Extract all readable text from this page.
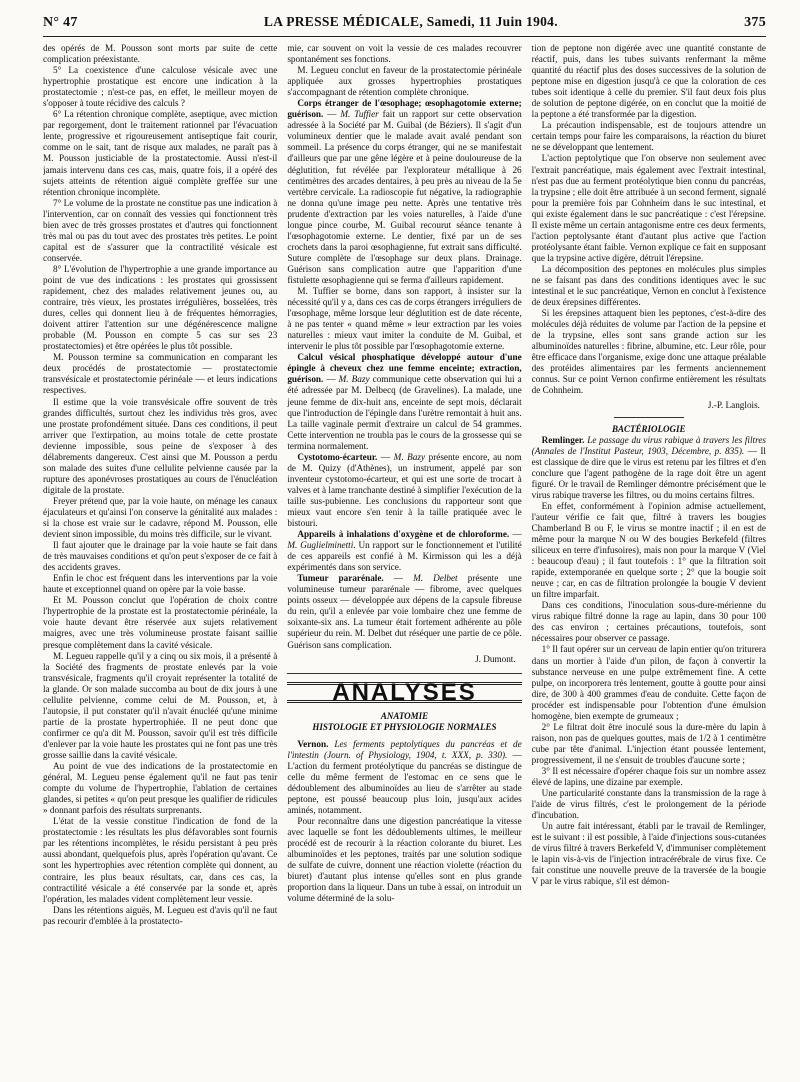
N° 47	LA PRESSE MÉDICALE, Samedi, 11 Juin 1904.	375

des opérés de M. Pousson sont morts par suite de cette complication préexistante.

5° La coexistence d'une calculose vésicale avec une hypertrophie prostatique est encore une indication à la prostatectomie ; n'est-ce pas, en effet, le meilleur moyen de s'opposer à toute récidive des calculs ?

6° La rétention chronique complète, aseptique, avec miction par regorgement, dont le traitement rationnel par l'évacuation lente, progressive et rigoureusement antiseptique fait courir, comme on le sait, tant de risque aux malades, ne paraît pas à M. Pousson justiciable de la prostatectomie. Aussi n'est-il jamais intervenu dans ces cas, mais, quatre fois, il a opéré des sujets atteints de rétention aiguë complète greffée sur une rétention chronique incomplète.

7° Le volume de la prostate ne constitue pas une indication à l'intervention, car on connaît des vessies qui fonctionnent très bien avec de très grosses prostates et d'autres qui fonctionnent très mal ou pas du tout avec des prostates très petites. Le point capital est de s'assurer que la contractilité vésicale est conservée.

8° L'évolution de l'hypertrophie a une grande importance au point de vue des indications : les prostates qui grossissent rapidement, chez des malades relativement jeunes ou, au contraire, très vieux, les prostates irrégulières, bosselées, très dures, celles qui donnent lieu à de fréquentes hémorragies, doivent attirer l'attention sur une dégénérescence maligne probable (M. Pousson en compte 5 cas sur ses 23 prostatectomies) et être opérées le plus tôt possible.

M. Pousson termine sa communication en comparant les deux procédés de prostatectomie — prostatectomie transvésicale et prostatectomie périnéale — et leurs indications respectives.

Il estime que la voie transvésicale offre souvent de très grandes difficultés, surtout chez les individus très gros, avec une prostate profondément située. Dans ces conditions, il peut arriver que l'extirpation, au moins totale de cette prostate devienne impossible, sous peine de s'exposer à des délabrements dangereux. C'est ainsi que M. Pousson a perdu son malade des suites d'une cellulite pelvienne causée par la rupture des aponévroses prostatiques au cours de l'énucléation digitale de la prostate.

Freyer prétend que, par la voie haute, on ménage les canaux éjaculateurs et qu'ainsi l'on conserve la génitalité aux malades : si la chose est vraie sur le cadavre, répond M. Pousson, elle devient sinon impossible, du moins très difficile, sur le vivant.

Il faut ajouter que le drainage par la voie haute se fait dans de très mauvaises conditions et qu'on peut s'exposer de ce fait à des accidents graves.

Enfin le choc est fréquent dans les interventions par la voie haute et exceptionnel quand on opère par la voie basse.

Et M. Pousson conclut que l'opération de choix contre l'hypertrophie de la prostate est la prostatectomie périnéale, la voie haute devant être réservée aux sujets relativement maigres, avec une très volumineuse prostate faisant saillie presque complètement dans la cavité vésicale.

M. Legueu rappelle qu'il y a cinq ou six mois, il a présenté à la Société des fragments de prostate enlevés par la voie transvésicale, fragments qu'il croyait représenter la totalité de la glande. Or son malade succomba au bout de dix jours à une cellulite pelvienne, comme celui de M. Pousson, et, à l'autopsie, il put constater qu'il n'avait énucléé qu'une minime partie de la prostate hypertrophiée. Il ne peut donc que confirmer ce qu'a dit M. Pousson, savoir qu'il est très difficile d'enlever par la voie haute les prostates qui ne font pas une très grosse saillie dans la cavité vésicale.

Au point de vue des indications de la prostatectomie en général, M. Legueu pense également qu'il ne faut pas tenir compte du volume de l'hypertrophie, l'ablation de certaines glandes, si petites « qu'on peut presque les qualifier de ridicules » donnant parfois des résultats surprenants.

L'état de la vessie constitue l'indication de fond de la prostatectomie : les résultats les plus défavorables sont fournis par les rétentions incomplètes, le résidu persistant à peu près aussi abondant, quelquefois plus, après l'opération qu'avant. Ce sont les hypertrophies avec rétention complète qui donnent, au contraire, les plus beaux résultats, car, dans ces cas, la contractilité vésicale a été conservée par la sonde et, après l'opération, les malades vident complètement leur vessie.

Dans les rétentions aiguës, M. Legueu est d'avis qu'il ne faut pas recourir d'emblée à la prostatecto-

mie, car souvent on voit la vessie de ces malades recouvrer spontanément ses fonctions.

M. Legueu conclut en faveur de la prostatectomie périnéale appliquée aux grosses hypertrophies prostatiques s'accompagnant de rétention complète chronique.

Corps étranger de l'œsophage; œsophagotomie externe; guérison. — M. Tuffier fait un rapport sur cette observation adressée à la Société par M. Guibal (de Béziers). Il s'agit d'un volumineux dentier que le malade avait avalé pendant son sommeil. La présence du corps étranger, qui ne se manifestait d'ailleurs que par une gêne légère et à peine douloureuse de la déglutition, fut révélée par l'explorateur métallique à 26 centimètres des arcades dentaires, à peu près au niveau de la 5e vertèbre cervicale. La radioscopie fut négative, la radiographie ne donna qu'une image peu nette. Après une tentative très prudente d'extraction par les voies naturelles, à l'aide d'une longue pince courbe, M. Guibal recourut séance tenante à l'œsophagotomie externe. Le dentier, fixé par un de ses crochets dans la paroi œsophagienne, fut extrait sans difficulté. Suture complète de l'œsophage sur deux plans. Drainage. Guérison sans complication autre que l'apparition d'une fistulette œsophagienne qui se ferma d'ailleurs rapidement.

M. Tuffier se borne, dans son rapport, à insister sur la nécessité qu'il y a, dans ces cas de corps étrangers irréguliers de l'œsophage, même lorsque leur déglutition est de date récente, à ne pas tenter « quand même » leur extraction par les voies naturelles : mieux vaut imiter la conduite de M. Guibal, et intervenir le plus tôt possible par l'œsophagotomie externe.

Calcul vésical phosphatique développé autour d'une épingle à cheveux chez une femme enceinte; extraction, guérison. — M. Bazy communique cette observation qui lui a été adressée par M. Delbecq (de Gravelines). La malade, une jeune femme de dix-huit ans, enceinte de sept mois, déclarait que l'introduction de l'épingle dans l'urètre remontait à huit ans. La taille vaginale permit d'extraire un calcul de 54 grammes. Cette intervention ne troubla pas le cours de la grossesse qui se termina normalement.

Cystotomo-écarteur. — M. Bazy présente encore, au nom de M. Quizy (d'Athènes), un instrument, appelé par son inventeur cystotomo-écarteur, et qui est une sorte de trocart à valves et à lame tranchante destiné à simplifier l'exécution de la taille sus-pubienne. Les conclusions du rapporteur sont que mieux vaut encore s'en tenir à la taille pratiquée avec le bistouri.

Appareils à inhalations d'oxygène et de chloroforme. — M. Guglielminetti. Un rapport sur le fonctionnement et l'utilité de ces appareils est confié à M. Kirmisson qui les a déjà expérimentés dans son service.

Tumeur pararénale. — M. Delbet présente une volumineuse tumeur pararénale — fibrome, avec quelques points osseux — développée aux dépens de la capsule fibreuse du rein, qu'il a enlevée par voie lombaire chez une femme de soixante-six ans. La tumeur était fortement adhérente au pôle supérieur du rein. M. Delbet dut réséquer une partie de ce pôle. Guérison sans complication.

J. Dumont.

ANALYSES

ANATOMIE

HISTOLOGIE ET PHYSIOLOGIE NORMALES

Vernon. Les ferments peptolytiques du pancréas et de l'intestin (Journ. of Physiology, 1904, t. XXX, p. 330). — L'action du ferment protéolytique du pancréas se distingue de celle du même ferment de l'estomac en ce sens que le dédoublement des albuminoïdes au lieu de s'arrêter au stade peptone, est poussé beaucoup plus loin, jusqu'aux acides aminés, notamment.

Pour reconnaître dans une digestion pancréatique la vitesse avec laquelle se font les dédoublements ultimes, le meilleur procédé est de recourir à la réaction colorante du biuret. Les albuminoïdes et les peptones, traités par une solution sodique de sulfate de cuivre, donnent une réaction violette (réaction du biuret) d'autant plus intense qu'elles sont en plus grande proportion dans la liqueur. Dans un tube à essai, on introduit un volume déterminé de la solu-

tion de peptone non digérée avec une quantité constante de réactif, puis, dans les tubes suivants renfermant la même quantité du réactif plus des doses successives de la solution de peptone mise en digestion jusqu'à ce que la coloration de ces tubes soit identique à celle du premier. S'il faut deux fois plus de solution de peptone digérée, on en conclut que la moitié de la peptone a été transformée par la digestion.

La précaution indispensable, est de toujours attendre un certain temps pour faire les comparaisons, la réaction du biuret ne se développant que lentement.

L'action peptolytique que l'on observe non seulement avec l'extrait pancréatique, mais également avec l'extrait intestinal, n'est pas due au ferment protéolytique bien connu du pancréas, la trypsine ; elle doit être attribuée à un second ferment, signalé pour la première fois par Cohnheim dans le suc intestinal, et qui existe également dans le suc pancréatique : c'est l'érepsine. Il existe même un certain antagonisme entre ces deux ferments, l'action peptolysante étant d'autant plus active que l'action protéolysante étant faible. Vernon explique ce fait en supposant que la trypsine active digère, détruit l'érepsine.

La décomposition des peptones en molécules plus simples ne se faisant pas dans des conditions identiques avec le suc intestinal et le suc pancréatique, Vernon en conclut à l'existence de deux érepsines différentes.

Si les érepsines attaquent bien les peptones, c'est-à-dire des molécules déjà réduites de volume par l'action de la pepsine et de la trypsine, elles sont sans grande action sur les albuminoïdes naturelles : fibrine, albumine, etc. Leur rôle, pour être efficace dans l'organisme, exige donc une attaque préalable des protéides alimentaires par les ferments anciennement connus. Sur ce point Vernon confirme entièrement les résultats de Cohnheim.

J.-P. Langlois.

BACTÉRIOLOGIE

Remlinger. Le passage du virus rabique à travers les filtres (Annales de l'Institut Pasteur, 1903, Décembre, p. 835). — Il est classique de dire que le virus est retenu par les filtres et d'en conclure que l'agent pathogène de la rage doit être un agent figuré. Or le travail de Remlinger démontre précisément que le virus rabique traverse les filtres, ou du moins certains filtres.

En effet, conformément à l'opinion admise actuellement, l'auteur vérifie ce fait que, filtré à travers les bougies Chamberland B ou F, le virus se montre inactif ; il en est de même pour la marque N ou W des bougies Berkefeld (filtres siliceux en terre d'infusoires), mais non pour la marque V (Viel : beaucoup d'eau) ; il faut toutefois : 1° que la filtration soit rapide, extemporanée en quelque sorte ; 2° que la bougie soit neuve ; car, en cas de filtration prolongée la bougie V devient un filtre imparfait.

Dans ces conditions, l'inoculation sous-dure-mérienne du virus rabique filtré donne la rage au lapin, dans 30 pour 100 des cas environ ; certaines précautions, toutefois, sont nécessaires pour observer ce passage.

1° Il faut opérer sur un cerveau de lapin entier qu'on triturera dans un mortier à l'aide d'un pilon, de façon à convertir la substance nerveuse en une pulpe extrêmement fine. A cette pulpe, on incorporera très lentement, goutte à goutte pour ainsi dire, de 300 à 400 grammes d'eau de conduite. Cette façon de procéder est indispensable pour l'obtention d'une émulsion homogène, bien exempte de grumeaux ;

2° Le filtrat doit être inoculé sous la dure-mère du lapin à raison, non pas de quelques gouttes, mais de 1/2 à 1 centimètre cube par tête d'animal. L'injection étant poussée lentement, progressivement, il ne s'ensuit de troubles d'aucune sorte ;

3° Il est nécessaire d'opérer chaque fois sur un nombre assez élevé de lapins, une dizaine par exemple.

Une particularité constante dans la transmission de la rage à l'aide de virus filtrés, c'est le prolongement de la période d'incubation.

Un autre fait intéressant, établi par le travail de Remlinger, est le suivant : il est possible, à l'aide d'injections sous-cutanées de virus filtré à travers Berkefeld V, d'immuniser complètement le lapin vis-à-vis de l'injection intracérébrale de virus fixe. Ce fait constitue une nouvelle preuve de la traversée de la bougie V par le virus rabique, s'il est démon-
